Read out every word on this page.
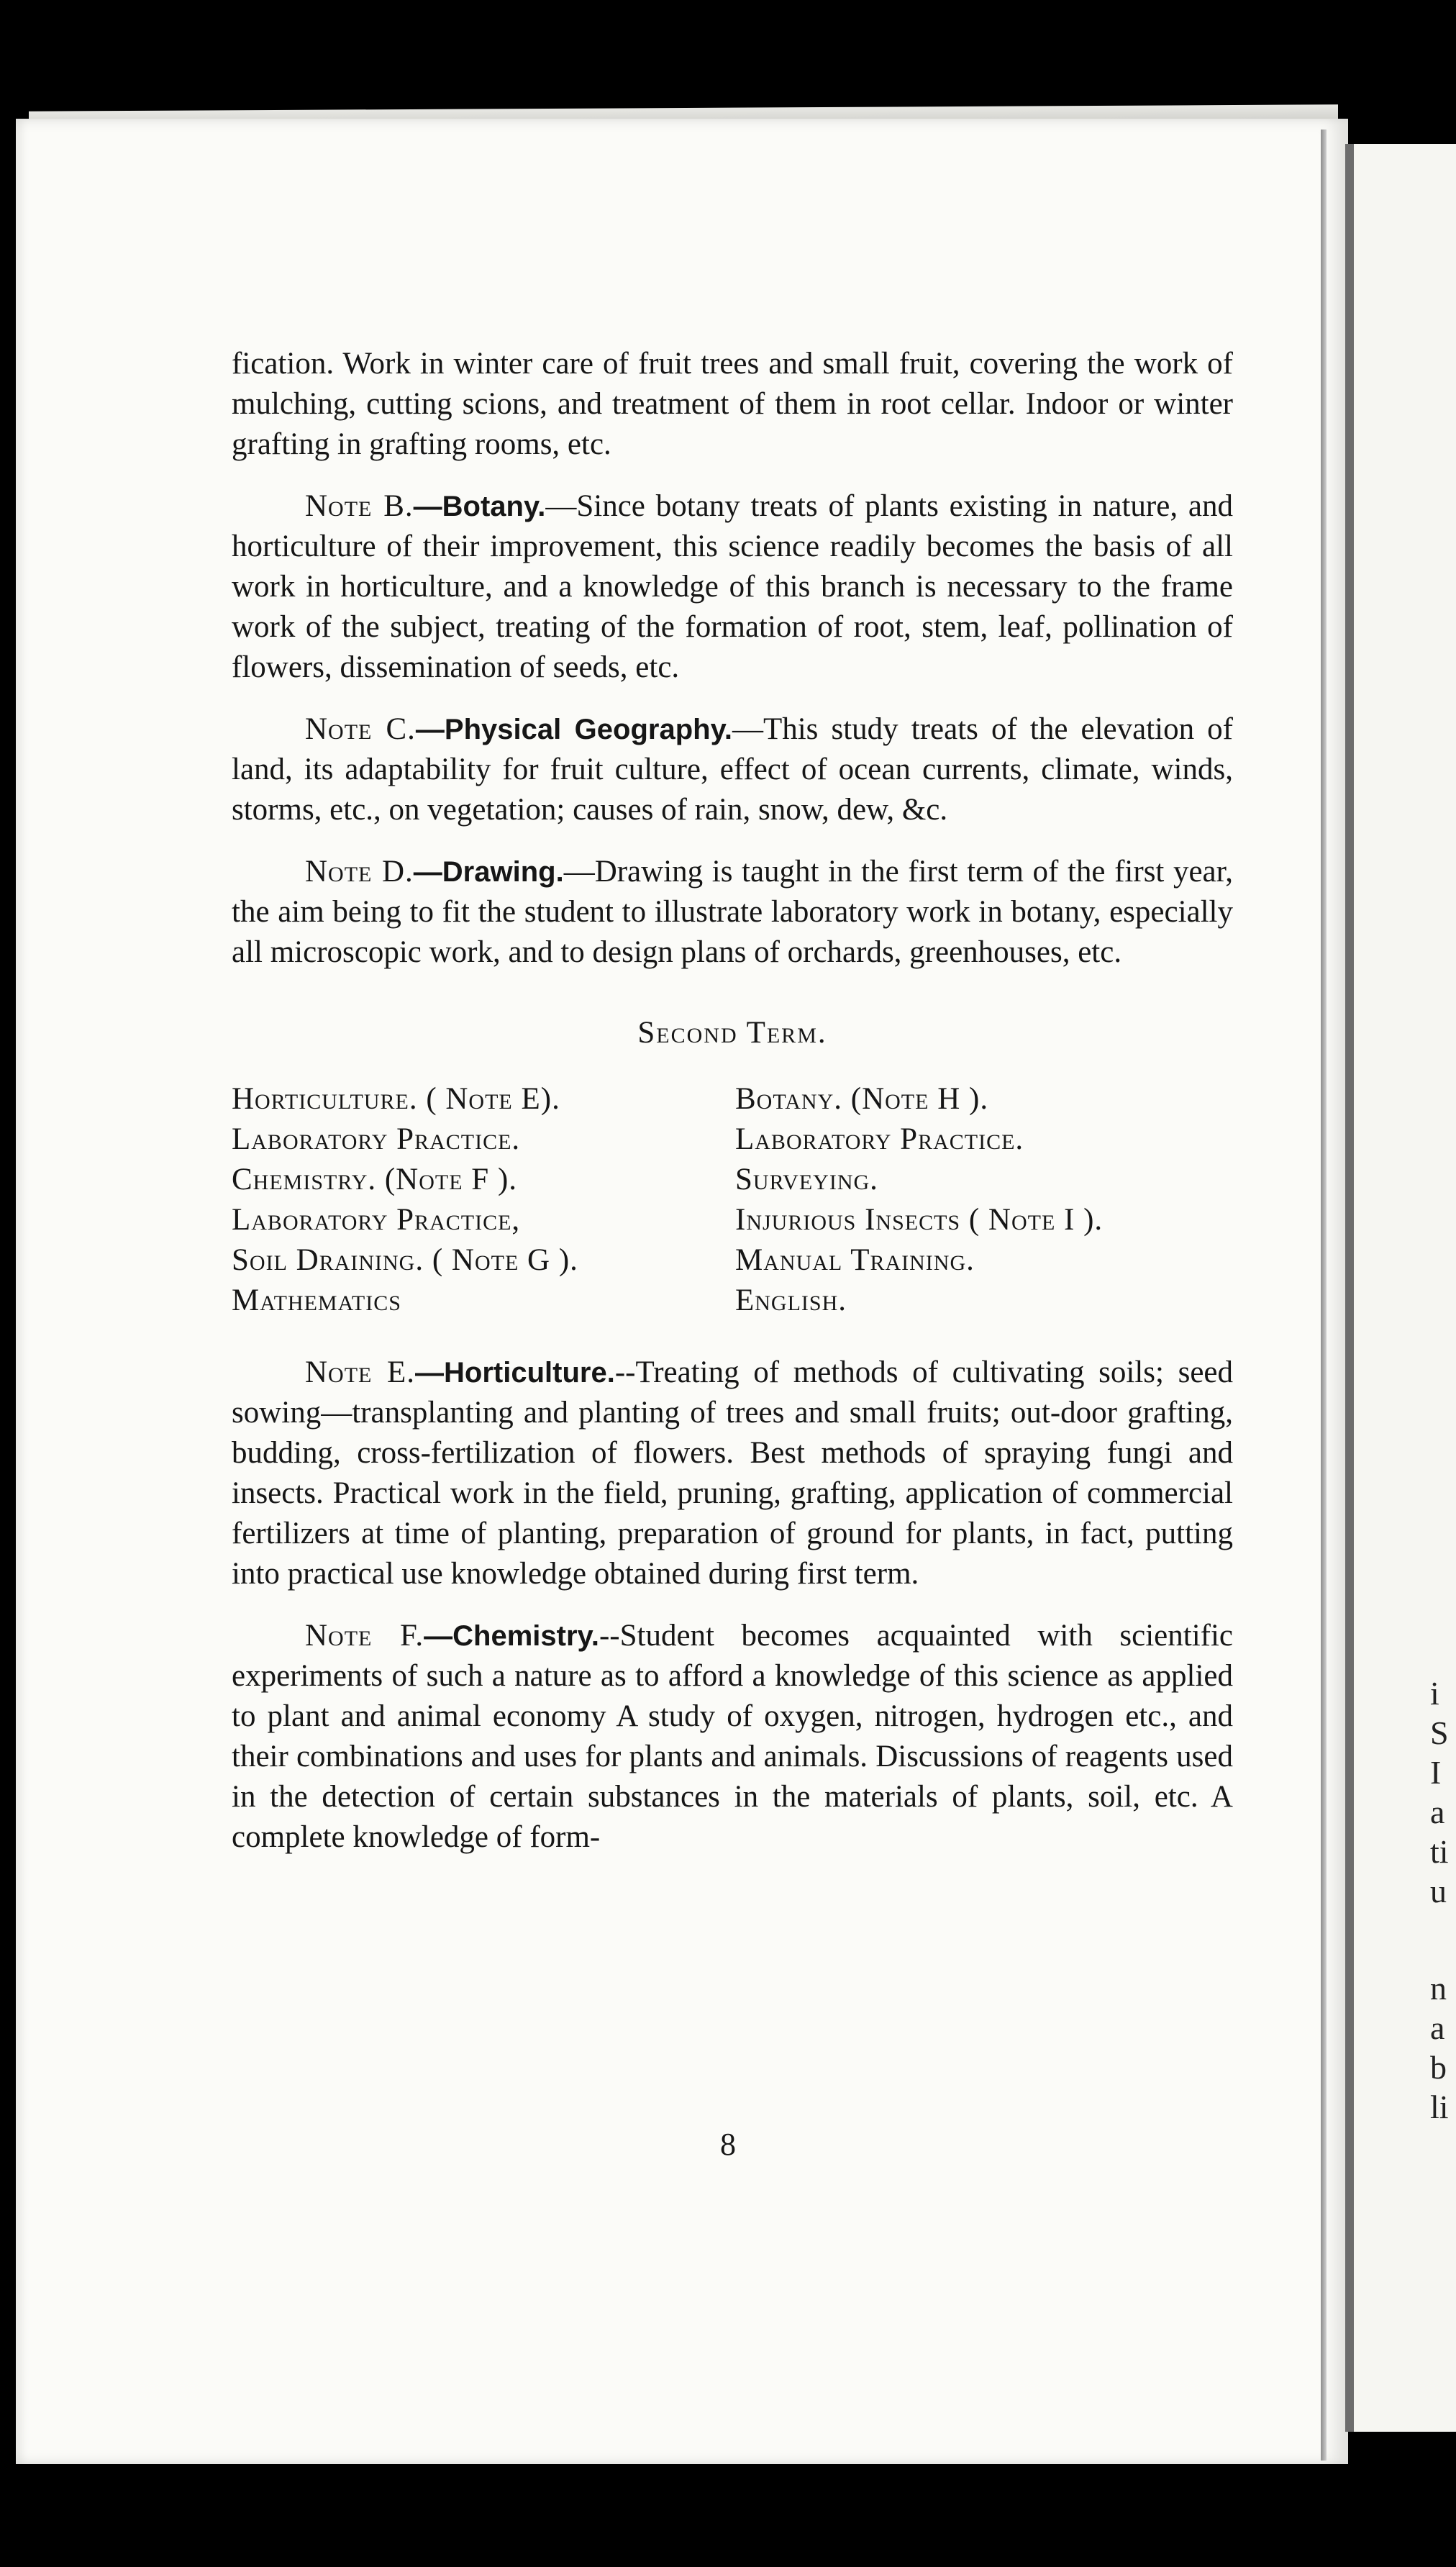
i
S
I
a
ti
u
n
a
b
li

fication. Work in winter care of fruit trees and small fruit, covering the work of mulching, cutting scions, and treatment of them in root cellar. Indoor or winter grafting in grafting rooms, etc.

Note B.—Botany.—Since botany treats of plants existing in nature, and horticulture of their improvement, this science readily becomes the basis of all work in horticulture, and a knowledge of this branch is necessary to the frame work of the subject, treating of the formation of root, stem, leaf, pollination of flowers, dissemination of seeds, etc.

Note C.—Physical Geography.—This study treats of the elevation of land, its adaptability for fruit culture, effect of ocean currents, climate, winds, storms, etc., on vegetation; causes of rain, snow, dew, &c.

Note D.—Drawing.—Drawing is taught in the first term of the first year, the aim being to fit the student to illustrate laboratory work in botany, especially all microscopic work, and to design plans of orchards, greenhouses, etc.

Second Term.
Horticulture. ( Note E).	Botany. (Note H ).
Laboratory Practice.	Laboratory Practice.
Chemistry. (Note F ).	Surveying.
Laboratory Practice,	Injurious Insects ( Note I ).
Soil Draining. ( Note G ).	Manual Training.
Mathematics	English.

Note E.—Horticulture.--Treating of methods of cultivating soils; seed sowing—transplanting and planting of trees and small fruits; out-door grafting, budding, cross-fertilization of flowers. Best methods of spraying fungi and insects. Practical work in the field, pruning, grafting, application of commercial fertilizers at time of planting, preparation of ground for plants, in fact, putting into practical use knowledge obtained during first term.

Note F.—Chemistry.--Student becomes acquainted with scientific experiments of such a nature as to afford a knowledge of this science as applied to plant and animal economy A study of oxygen, nitrogen, hydrogen etc., and their combinations and uses for plants and animals. Discussions of reagents used in the detection of certain substances in the materials of plants, soil, etc. A complete knowledge of form-

8
